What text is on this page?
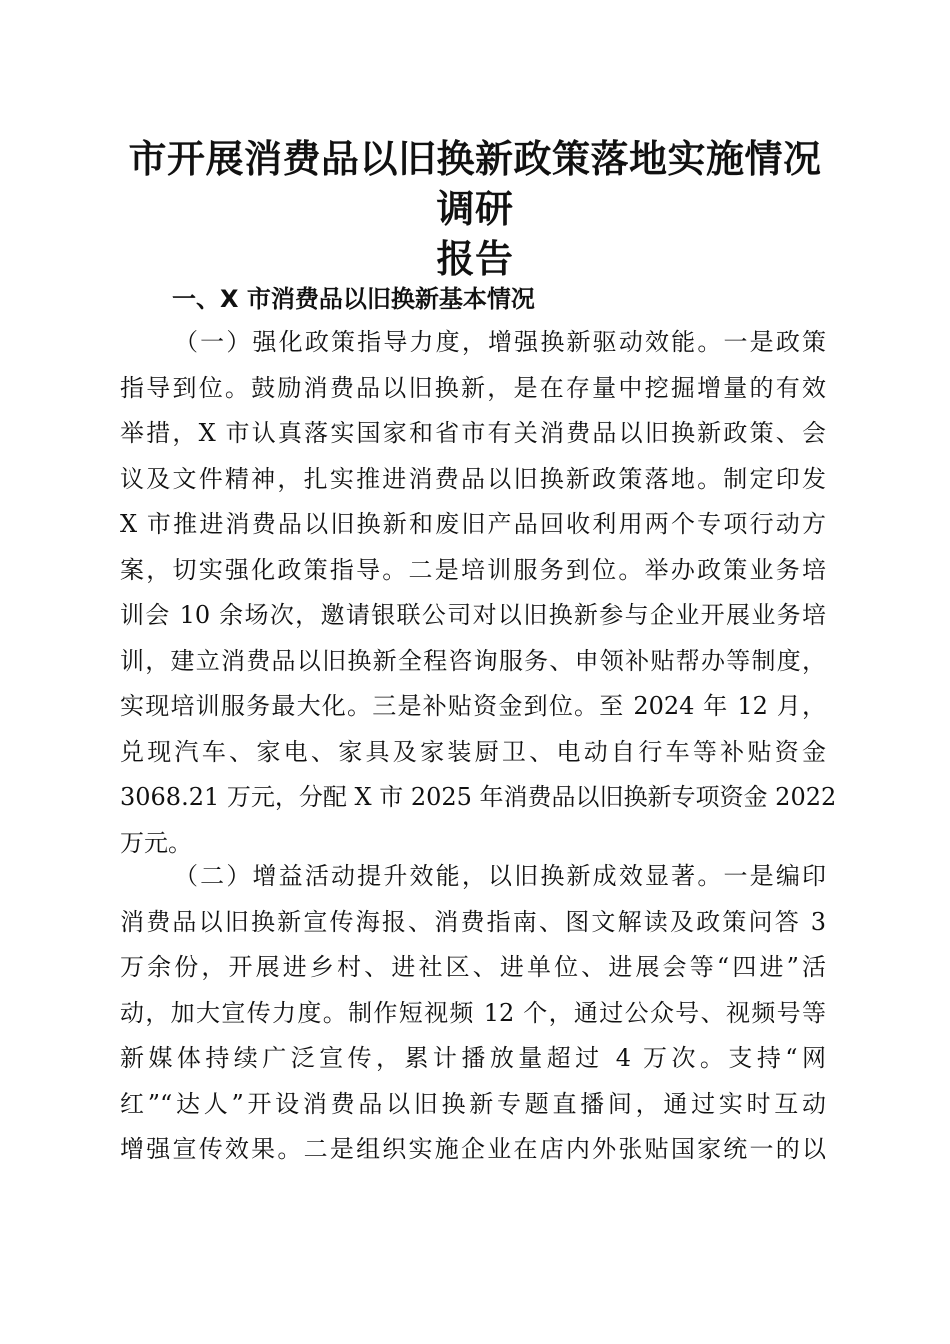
市开展消费品以旧换新政策落地实施情况调研
报告
一、X 市消费品以旧换新基本情况
（一）强化政策指导力度，增强换新驱动效能。一是政策
指导到位。鼓励消费品以旧换新，是在存量中挖掘增量的有效
举措，X 市认真落实国家和省市有关消费品以旧换新政策、会
议及文件精神，扎实推进消费品以旧换新政策落地。制定印发
X 市推进消费品以旧换新和废旧产品回收利用两个专项行动方
案，切实强化政策指导。二是培训服务到位。举办政策业务培
训会 10 余场次，邀请银联公司对以旧换新参与企业开展业务培
训，建立消费品以旧换新全程咨询服务、申领补贴帮办等制度，
实现培训服务最大化。三是补贴资金到位。至 2024 年 12 月，
兑现汽车、家电、家具及家装厨卫、电动自行车等补贴资金
3068.21 万元，分配 X 市 2025 年消费品以旧换新专项资金 2022
万元。
（二）增益活动提升效能，以旧换新成效显著。一是编印
消费品以旧换新宣传海报、消费指南、图文解读及政策问答 3
万余份，开展进乡村、进社区、进单位、进展会等“四进”活
动，加大宣传力度。制作短视频 12 个，通过公众号、视频号等
新媒体持续广泛宣传，累计播放量超过 4 万次。支持“网
红”“达人”开设消费品以旧换新专题直播间，通过实时互动
增强宣传效果。二是组织实施企业在店内外张贴国家统一的以
